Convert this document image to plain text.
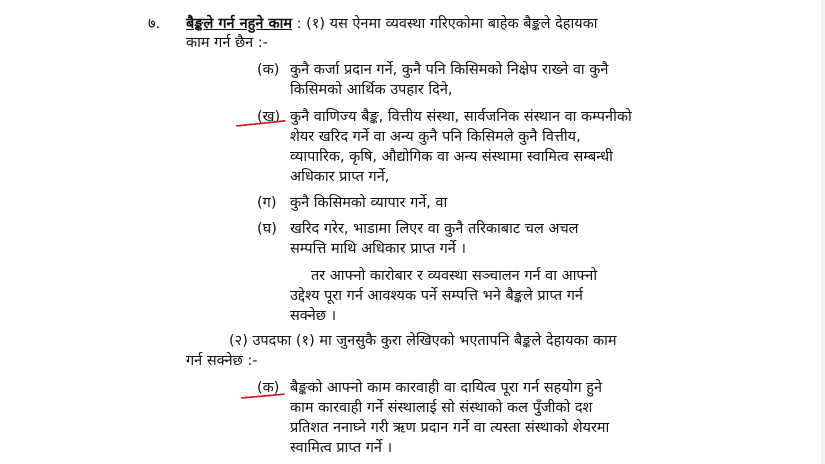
७. बैङ्कले गर्न नहुने काम : (१) यस ऐनमा व्यवस्था गरिएकोमा बाहेक बैङ्कले देहायका
काम गर्न छैन :-
(क) कुनै कर्जा प्रदान गर्ने, कुनै पनि किसिमको निक्षेप राख्ने वा कुनै
किसिमको आर्थिक उपहार दिने,
(ख) कुनै वाणिज्य बैङ्क, वित्तीय संस्था, सार्वजनिक संस्थान वा कम्पनीको
शेयर खरिद गर्ने वा अन्य कुनै पनि किसिमले कुनै वित्तीय,
व्यापारिक, कृषि, औद्योगिक वा अन्य संस्थामा स्वामित्व सम्बन्धी
अधिकार प्राप्त गर्ने,
(ग) कुनै किसिमको व्यापार गर्ने, वा
(घ) खरिद गरेर, भाडामा लिएर वा कुनै तरिकाबाट चल अचल
सम्पत्ति माथि अधिकार प्राप्त गर्ने ।
तर आफ्नो कारोबार र व्यवस्था सञ्चालन गर्न वा आफ्नो
उद्देश्य पूरा गर्न आवश्यक पर्ने सम्पत्ति भने बैङ्कले प्राप्त गर्न
सक्नेछ ।
(२) उपदफा (१) मा जुनसुकै कुरा लेखिएको भएतापनि बैङ्कले देहायका काम
गर्न सक्नेछ :-
(क) बैङ्कको आफ्नो काम कारवाही वा दायित्व पूरा गर्न सहयोग हुने
काम कारवाही गर्ने संस्थालाई सो संस्थाको कल पुँजीको दश
प्रतिशत ननाघ्ने गरी ऋण प्रदान गर्ने वा त्यस्ता संस्थाको शेयरमा
स्वामित्व प्राप्त गर्ने ।
